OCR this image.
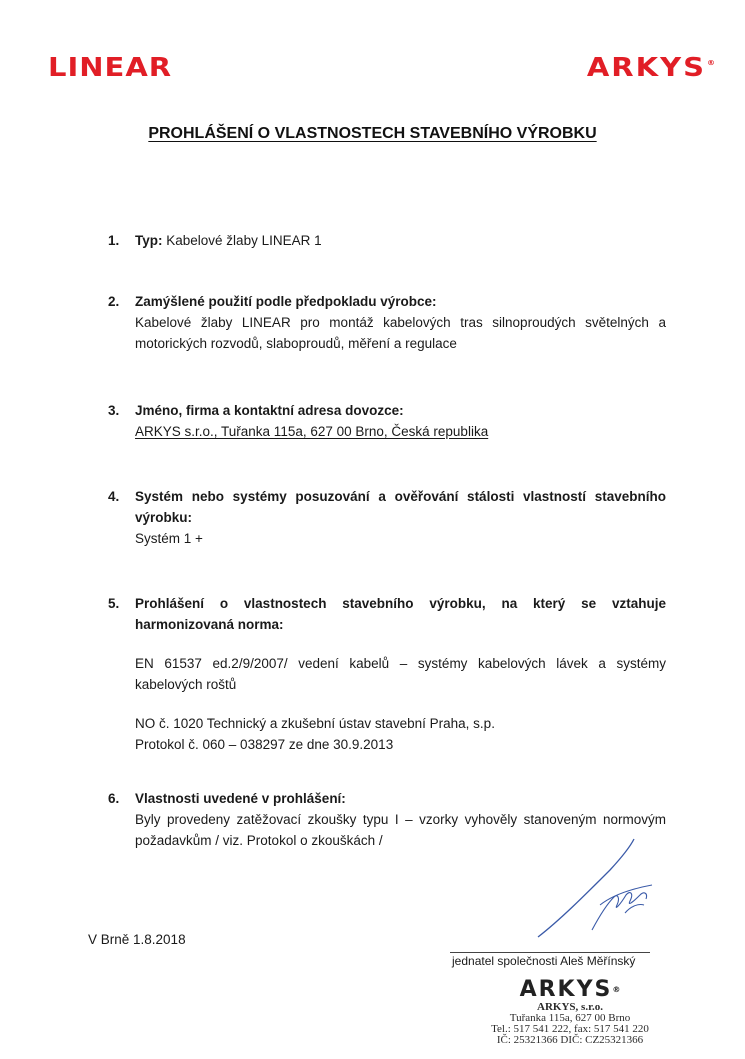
LINEAR	ARKYS®
PROHLÁŠENÍ O VLASTNOSTECH STAVEBNÍHO VÝROBKU
1. Typ: Kabelové žlaby LINEAR 1
2. Zamýšlené použití podle předpokladu výrobce:
Kabelové žlaby LINEAR pro montáž kabelových tras silnoproudých světelných a motorických rozvodů, slaboproudů, měření a regulace
3. Jméno, firma a kontaktní adresa dovozce:
ARKYS s.r.o., Tuřanka 115a, 627 00 Brno, Česká republika
4. Systém nebo systémy posuzování a ověřování stálosti vlastností stavebního výrobku:
Systém 1 +
5. Prohlášení o vlastnostech stavebního výrobku, na který se vztahuje harmonizovaná norma:
EN 61537 ed.2/9/2007/ vedení kabelů – systémy kabelových lávek a systémy kabelových roštů
NO č. 1020 Technický a zkušební ústav stavební Praha, s.p.
Protokol č. 060 – 038297 ze dne 30.9.2013
6. Vlastnosti uvedené v prohlášení:
Byly provedeny zatěžovací zkoušky typu I – vzorky vyhověly stanoveným normovým požadavkům / viz. Protokol o zkouškách /
V Brně 1.8.2018
jednatel společnosti Aleš Měřínský
ARKYS®
ARKYS, s.r.o.
Tuřanka 115a, 627 00 Brno
Tel.: 517 541 222, fax: 517 541 220
IČ: 25321366 DIČ: CZ25321366
